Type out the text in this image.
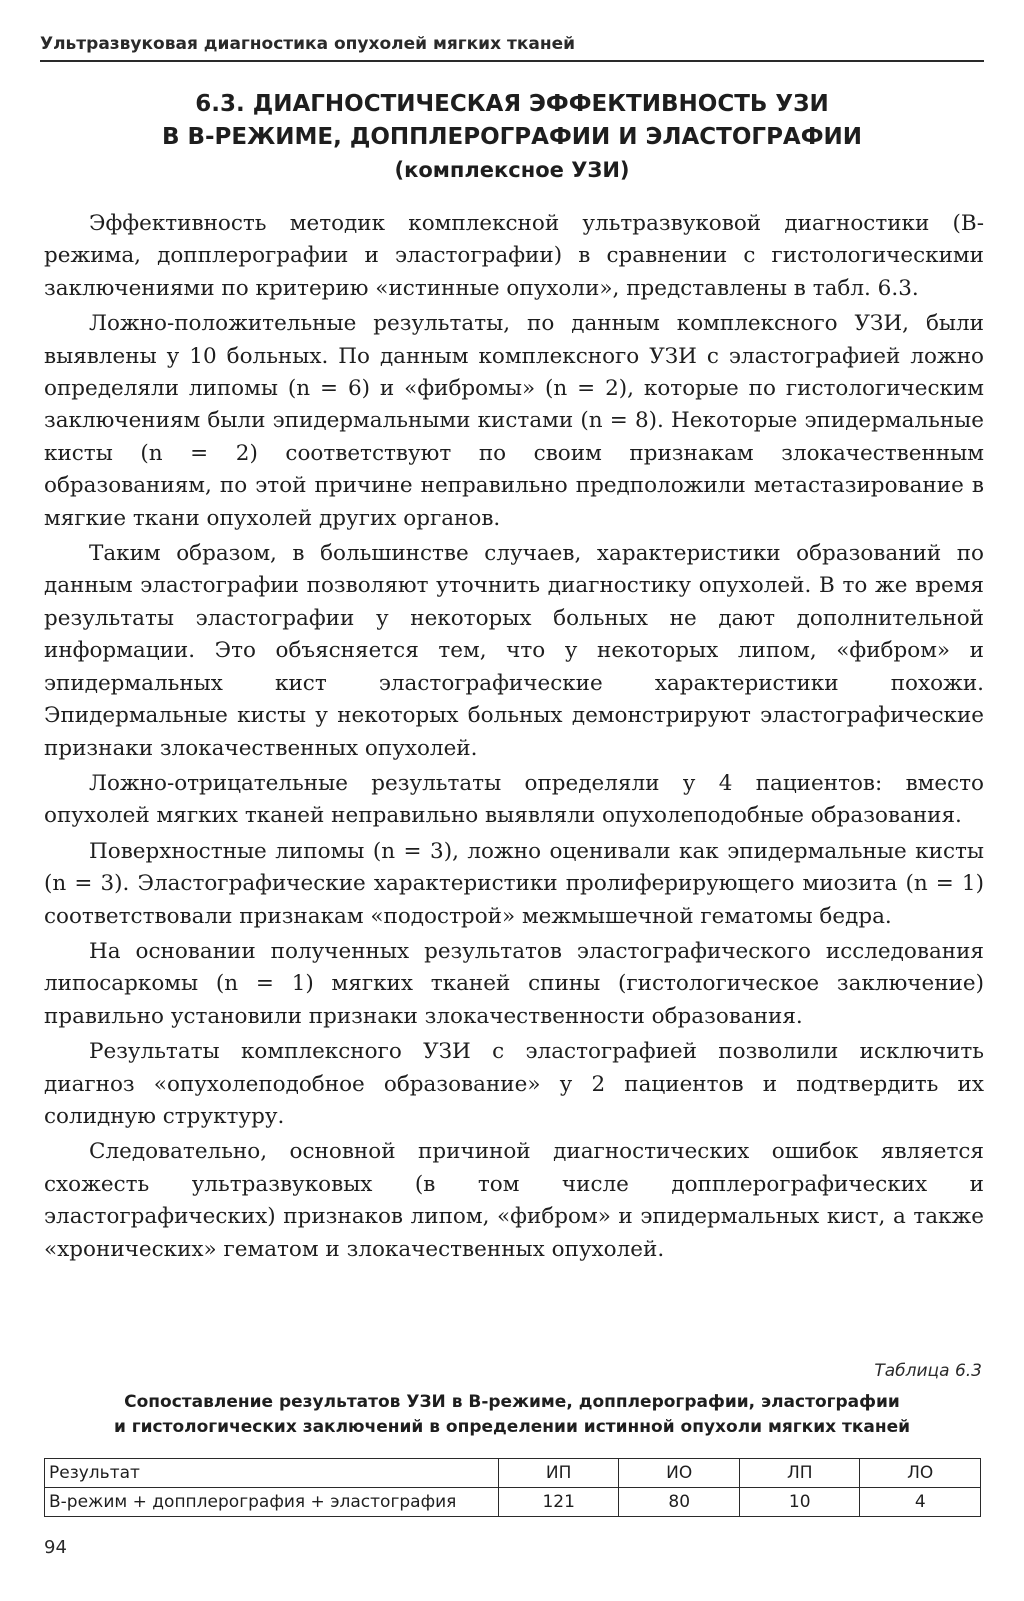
Ультразвуковая диагностика опухолей мягких тканей
6.3. ДИАГНОСТИЧЕСКАЯ ЭФФЕКТИВНОСТЬ УЗИ
В В-РЕЖИМЕ, ДОППЛЕРОГРАФИИ И ЭЛАСТОГРАФИИ
(комплексное УЗИ)

Эффективность методик комплексной ультразвуковой диагностики (В-режима, допплерографии и эластографии) в сравнении с гистологическими заключениями по критерию «истинные опухоли», представлены в табл. 6.3.

Ложно-положительные результаты, по данным комплексного УЗИ, были выявлены у 10 больных. По данным комплексного УЗИ с эластографией ложно определяли липомы (n = 6) и «фибромы» (n = 2), которые по гистологическим заключениям были эпидермальными кистами (n = 8). Некоторые эпидермальные кисты (n = 2) соответствуют по своим признакам злокачественным образованиям, по этой причине неправильно предположили метастазирование в мягкие ткани опухолей других органов.

Таким образом, в большинстве случаев, характеристики образований по данным эластографии позволяют уточнить диагностику опухолей. В то же время результаты эластографии у некоторых больных не дают дополнительной информации. Это объясняется тем, что у некоторых липом, «фибром» и эпидермальных кист эластографические характеристики похожи. Эпидермальные кисты у некоторых больных демонстрируют эластографические признаки злокачественных опухолей.

Ложно-отрицательные результаты определяли у 4 пациентов: вместо опухолей мягких тканей неправильно выявляли опухолеподобные образования.

Поверхностные липомы (n = 3), ложно оценивали как эпидермальные кисты (n = 3). Эластографические характеристики пролиферирующего миозита (n = 1) соответствовали признакам «подострой» межмышечной гематомы бедра.

На основании полученных результатов эластографического исследования липосаркомы (n = 1) мягких тканей спины (гистологическое заключение) правильно установили признаки злокачественности образования.

Результаты комплексного УЗИ с эластографией позволили исключить диагноз «опухолеподобное образование» у 2 пациентов и подтвердить их солидную структуру.

Следовательно, основной причиной диагностических ошибок является схожесть ультразвуковых (в том числе допплерографических и эластографических) признаков липом, «фибром» и эпидермальных кист, а также «хронических» гематом и злокачественных опухолей.

Таблица 6.3
Сопоставление результатов УЗИ в В-режиме, допплерографии, эластографии
и гистологических заключений в определении истинной опухоли мягких тканей
Результат	ИП	ИО	ЛП	ЛО
В-режим + допплерография + эластография	121	80	10	4
94
